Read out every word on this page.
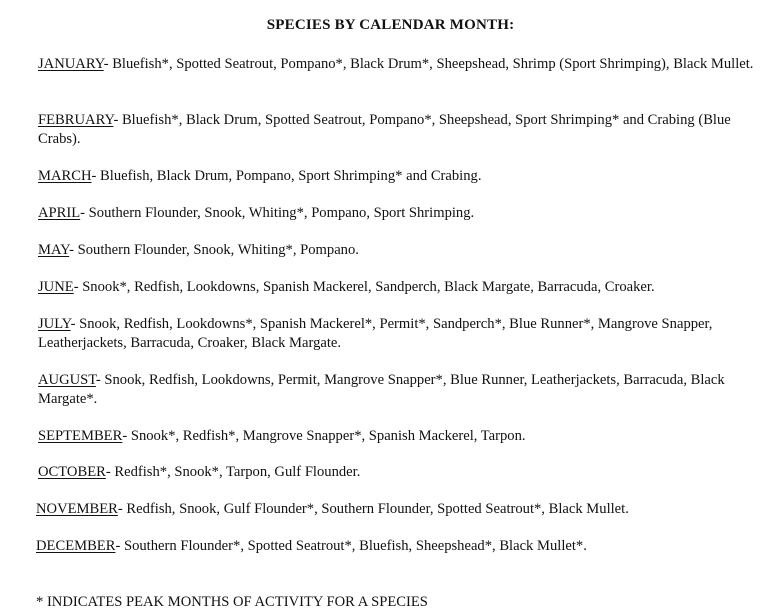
SPECIES BY CALENDAR MONTH:
JANUARY- Bluefish*, Spotted Seatrout, Pompano*, Black Drum*, Sheepshead, Shrimp (Sport Shrimping), Black Mullet.
FEBRUARY- Bluefish*, Black Drum, Spotted Seatrout, Pompano*, Sheepshead, Sport Shrimping* and Crabing (Blue Crabs).
MARCH- Bluefish, Black Drum, Pompano, Sport Shrimping* and Crabing.
APRIL- Southern Flounder, Snook, Whiting*, Pompano, Sport Shrimping.
MAY- Southern Flounder, Snook, Whiting*, Pompano.
JUNE- Snook*, Redfish, Lookdowns, Spanish Mackerel, Sandperch, Black Margate, Barracuda, Croaker.
JULY- Snook, Redfish, Lookdowns*, Spanish Mackerel*, Permit*, Sandperch*, Blue Runner*, Mangrove Snapper, Leatherjackets, Barracuda, Croaker, Black Margate.
AUGUST- Snook, Redfish, Lookdowns, Permit, Mangrove Snapper*, Blue Runner, Leatherjackets, Barracuda, Black Margate*.
SEPTEMBER- Snook*, Redfish*, Mangrove Snapper*, Spanish Mackerel, Tarpon.
OCTOBER- Redfish*, Snook*, Tarpon, Gulf Flounder.
NOVEMBER- Redfish, Snook, Gulf Flounder*, Southern Flounder, Spotted Seatrout*, Black Mullet.
DECEMBER- Southern Flounder*, Spotted Seatrout*, Bluefish, Sheepshead*, Black Mullet*.
* INDICATES PEAK MONTHS OF ACTIVITY FOR A SPECIES
